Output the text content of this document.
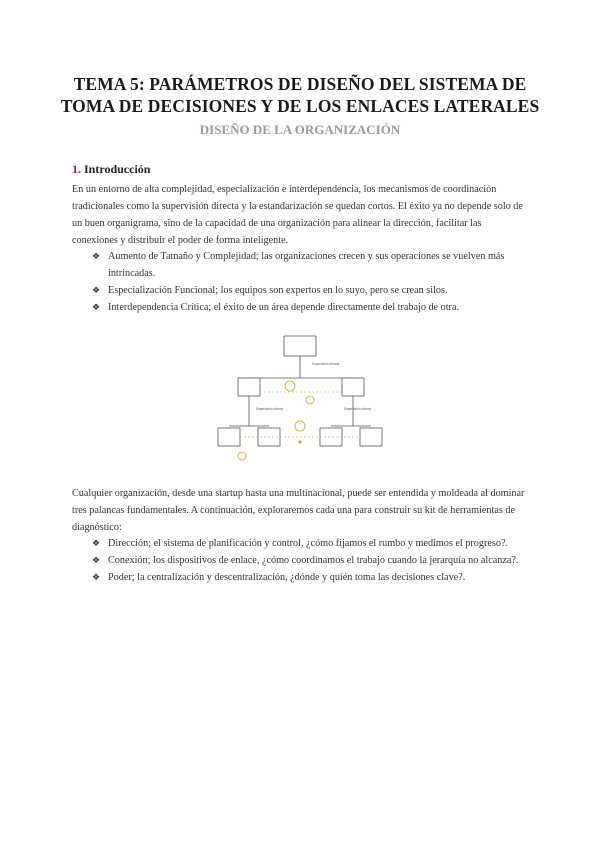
TEMA 5: PARÁMETROS DE DISEÑO DEL SISTEMA DE
TOMA DE DECISIONES Y DE LOS ENLACES LATERALES
DISEÑO DE LA ORGANIZACIÓN
1. Introducción

En un entorno de alta complejidad, especialización e interdependencia, los mecanismos de coordinación tradicionales como la supervisión directa y la estandarización se quedan cortos. El éxito ya no depende solo de un buen organigrama, sino de la capacidad de una organización para alinear la dirección, facilitar las conexiones y distribuir el poder de forma inteligente.

❖ Aumento de Tamaño y Complejidad; las organizaciones crecen y sus operaciones se vuelven más intrincadas.
❖ Especialización Funcional; los equipos son expertos en lo suyo, pero se crean silos.
❖ Interdependencia Crítica; el éxito de un área depende directamente del trabajo de otra.
Supervisión directa
Supervisión directa	Supervisión directa

Cualquier organización, desde una startup hasta una multinacional, puede ser entendida y moldeada al dominar tres palancas fundamentales. A continuación, exploraremos cada una para construir su kit de herramientas de diagnóstico:

❖ Dirección; el sistema de planificación y control, ¿cómo fijamos el rumbo y medimos el progreso?.
❖ Conexión; los dispositivos de enlace, ¿cómo coordinamos el trabajo cuando la jerarquía no alcanza?.
❖ Poder; la centralización y descentralización, ¿dónde y quién toma las decisiones clave?.
